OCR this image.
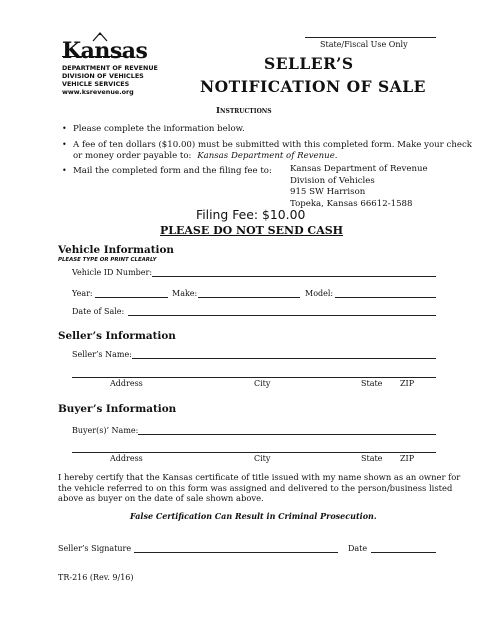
State/Fiscal Use Only
Kansas
DEPARTMENT OF REVENUE
DIVISION OF VEHICLES
VEHICLE SERVICES
www.ksrevenue.org
SELLER’S
NOTIFICATION OF SALE
Instructions
• Please complete the information below.
• A fee of ten dollars ($10.00) must be submitted with this completed form. Make your check
or money order payable to: Kansas Department of Revenue.
• Mail the completed form and the filing fee to: Kansas Department of Revenue
Division of Vehicles
915 SW Harrison
Topeka, Kansas 66612-1588
Filing Fee: $10.00
PLEASE DO NOT SEND CASH
Vehicle Information
PLEASE TYPE OR PRINT CLEARLY
Vehicle ID Number:
Year:	Make:	Model:
Date of Sale:
Seller’s Information
Seller’s Name:
Address	City	State ZIP
Buyer’s Information
Buyer(s)’ Name:
Address	City	State ZIP
I hereby certify that the Kansas certificate of title issued with my name shown as an owner for
the vehicle referred to on this form was assigned and delivered to the person/business listed
above as buyer on the date of sale shown above.
False Certification Can Result in Criminal Prosecution.
Seller’s Signature	Date
TR-216 (Rev. 9/16)
